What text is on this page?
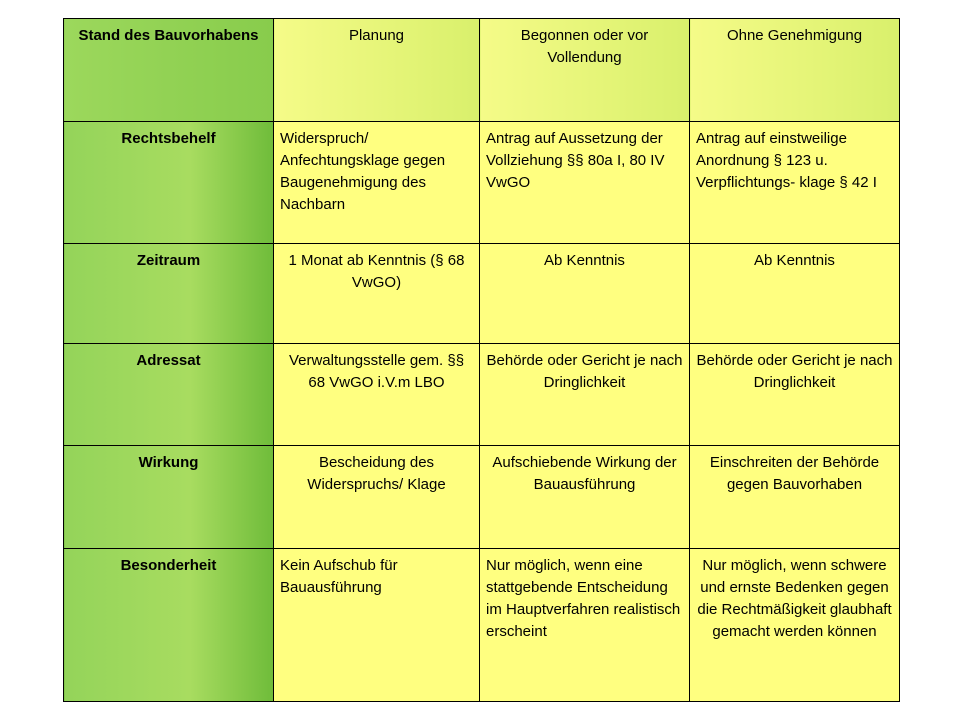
Stand des Bauvorhabens	Planung	Begonnen oder vor Vollendung	Ohne Genehmigung
Rechtsbehelf	Widerspruch/ Anfechtungsklage gegen Baugenehmigung des Nachbarn	Antrag auf Aussetzung der Vollziehung §§ 80a I, 80 IV VwGO	Antrag auf einstweilige Anordnung § 123 u. Verpflichtungs- klage § 42 I
Zeitraum	1 Monat ab Kenntnis (§ 68 VwGO)	Ab Kenntnis	Ab Kenntnis
Adressat	Verwaltungsstelle gem. §§ 68 VwGO i.V.m LBO	Behörde oder Gericht je nach Dringlichkeit	Behörde oder Gericht je nach Dringlichkeit
Wirkung	Bescheidung des Widerspruchs/ Klage	Aufschiebende Wirkung der Bauausführung	Einschreiten der Behörde gegen Bauvorhaben
Besonderheit	Kein Aufschub für Bauausführung	Nur möglich, wenn eine stattgebende Entscheidung im Hauptverfahren realistisch erscheint	Nur möglich, wenn schwere und ernste Bedenken gegen die Rechtmäßigkeit glaubhaft gemacht werden können
